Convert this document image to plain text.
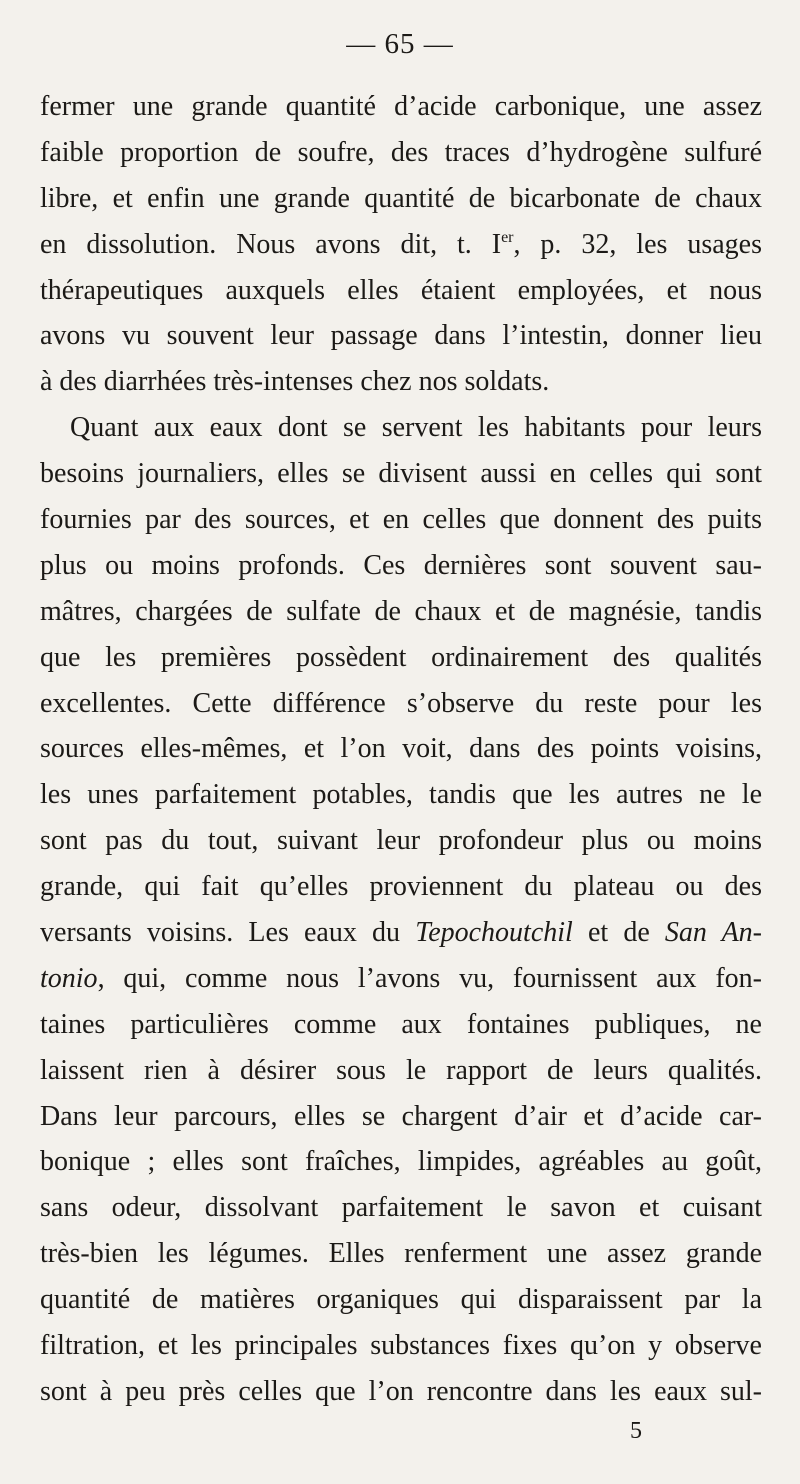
— 65 —
fermer une grande quantité d’acide carbonique, une assez
faible proportion de soufre, des traces d’hydrogène sulfuré
libre, et enfin une grande quantité de bicarbonate de chaux
en dissolution. Nous avons dit, t. Ier, p. 32, les usages
thérapeutiques auxquels elles étaient employées, et nous
avons vu souvent leur passage dans l’intestin, donner lieu
à des diarrhées très-intenses chez nos soldats.
Quant aux eaux dont se servent les habitants pour leurs
besoins journaliers, elles se divisent aussi en celles qui sont
fournies par des sources, et en celles que donnent des puits
plus ou moins profonds. Ces dernières sont souvent sau-
mâtres, chargées de sulfate de chaux et de magnésie, tandis
que les premières possèdent ordinairement des qualités
excellentes. Cette différence s’observe du reste pour les
sources elles-mêmes, et l’on voit, dans des points voisins,
les unes parfaitement potables, tandis que les autres ne le
sont pas du tout, suivant leur profondeur plus ou moins
grande, qui fait qu’elles proviennent du plateau ou des
versants voisins. Les eaux du Tepochoutchil et de San An-
tonio, qui, comme nous l’avons vu, fournissent aux fon-
taines particulières comme aux fontaines publiques, ne
laissent rien à désirer sous le rapport de leurs qualités.
Dans leur parcours, elles se chargent d’air et d’acide car-
bonique ; elles sont fraîches, limpides, agréables au goût,
sans odeur, dissolvant parfaitement le savon et cuisant
très-bien les légumes. Elles renferment une assez grande
quantité de matières organiques qui disparaissent par la
filtration, et les principales substances fixes qu’on y observe
sont à peu près celles que l’on rencontre dans les eaux sul-
5
